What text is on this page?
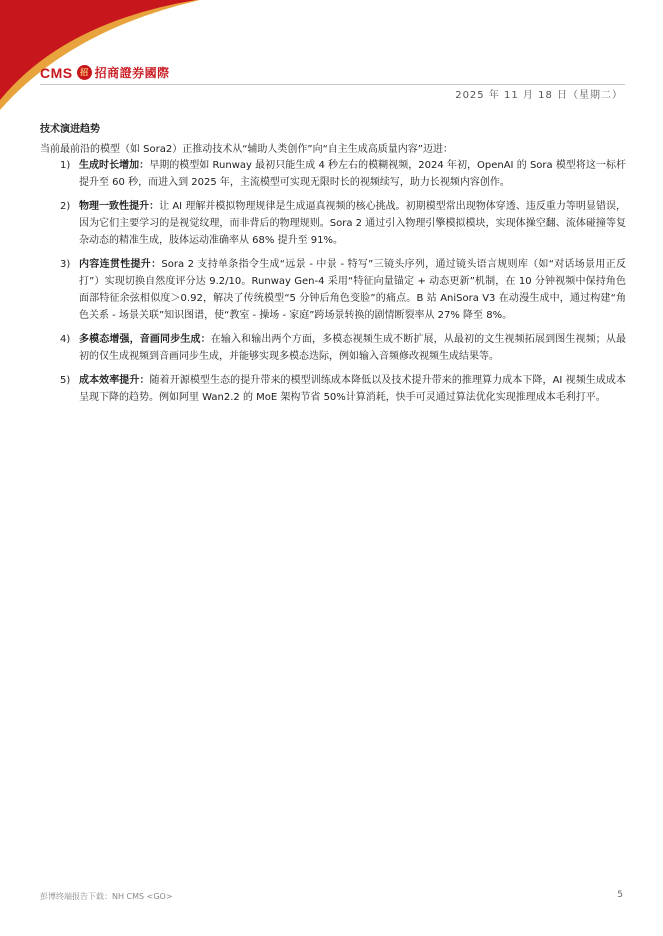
CMS 招 招商證券國際
2025 年 11 月 18 日（星期二）
技术演进趋势
当前最前沿的模型（如 Sora2）正推动技术从“辅助人类创作”向“自主生成高质量内容”迈进：
1) 生成时长增加：早期的模型如 Runway 最初只能生成 4 秒左右的模糊视频，2024 年初，OpenAI 的 Sora 模型将这一标杆提升至 60 秒，而进入到 2025 年，主流模型可实现无限时长的视频续写，助力长视频内容创作。
2) 物理一致性提升：让 AI 理解并模拟物理规律是生成逼真视频的核心挑战。初期模型常出现物体穿透、违反重力等明显错误，因为它们主要学习的是视觉纹理，而非背后的物理规则。Sora 2 通过引入物理引擎模拟模块，实现体操空翻、流体碰撞等复杂动态的精准生成，肢体运动准确率从 68% 提升至 91%。
3) 内容连贯性提升：Sora 2 支持单条指令生成“远景 - 中景 - 特写”三镜头序列，通过镜头语言规则库（如“对话场景用正反打”）实现切换自然度评分达 9.2/10。Runway Gen-4 采用“特征向量锚定 + 动态更新”机制，在 10 分钟视频中保持角色面部特征余弦相似度＞0.92，解决了传统模型“5 分钟后角色变脸”的痛点。B 站 AniSora V3 在动漫生成中，通过构建“角色关系 - 场景关联”知识图谱，使“教室 - 操场 - 家庭”跨场景转换的剧情断裂率从 27% 降至 8%。
4) 多模态增强，音画同步生成：在输入和输出两个方面，多模态视频生成不断扩展，从最初的文生视频拓展到图生视频；从最初的仅生成视频到音画同步生成，并能够实现多模态迭际，例如输入音频修改视频生成结果等。
5) 成本效率提升：随着开源模型生态的提升带来的模型训练成本降低以及技术提升带来的推理算力成本下降，AI 视频生成成本呈现下降的趋势。例如阿里 Wan2.2 的 MoE 架构节省 50%计算消耗，快手可灵通过算法优化实现推理成本毛利打平。
彭博终端报告下载：NH CMS <GO>	5
